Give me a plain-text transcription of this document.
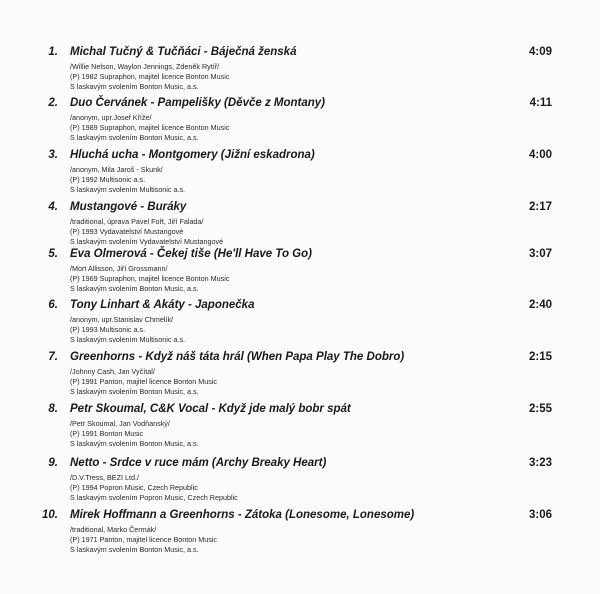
1. Michal Tučný & Tučňáci - Báječná ženská	4:09
/Willie Nelson, Waylon Jennings, Zdeněk Rytíř/
(P) 1982 Supraphon, majitel licence Bonton Music
S laskavým svolením Bonton Music, a.s.
2. Duo Červánek - Pampelišky (Děvče z Montany)	4:11
/anonym, upr.Josef Kříže/
(P) 1989 Supraphon, majitel licence Bonton Music
S laskavým svolením Bonton Music, a.s.
3. Hluchá ucha - Montgomery (Jižní eskadrona)	4:00
/anonym, Mila Jaroš - Skunk/
(P) 1992 Multisonic a.s.
S laskavým svolením Multisonic a.s.
4. Mustangové - Buráky	2:17
/traditional, úprava Pavel Fořt, Jiří Falada/
(P) 1993 Vydavatelství Mustangové
S laskavým svolením Vydavatelství Mustangové
5. Eva Olmerová - Čekej tiše (He'll Have To Go)	3:07
/Mort Allisson, Jiří Grossmann/
(P) 1969 Supraphon, majitel licence Bonton Music
S laskavým svolením Bonton Music, a.s.
6. Tony Linhart & Akáty - Japonečka	2:40
/anonym, upr.Stanislav Chmelík/
(P) 1993 Multisonic a.s.
S laskavým svolením Multisonic a.s.
7. Greenhorns - Když náš táta hrál (When Papa Play The Dobro)	2:15
/Johnny Cash, Jan Vyčítal/
(P) 1991 Panton, majitel licence Bonton Music
S laskavým svolením Bonton Music, a.s.
8. Petr Skoumal, C&K Vocal - Když jde malý bobr spát	2:55
/Petr Skoumal, Jan Vodňanský/
(P) 1991 Bonton Music
S laskavým svolením Bonton Music, a.s.
9. Netto - Srdce v ruce mám (Archy Breaky Heart)	3:23
/D.V.Tress, BEZI Ltd./
(P) 1994 Popron Music, Czech Republic
S laskavým svolením Popron Music, Czech Republic
10. Mirek Hoffmann a Greenhorns - Zátoka (Lonesome, Lonesome)	3:06
/traditional, Marko Čermák/
(P) 1971 Panton, majitel licence Bonton Music
S laskavým svolením Bonton Music, a.s.
